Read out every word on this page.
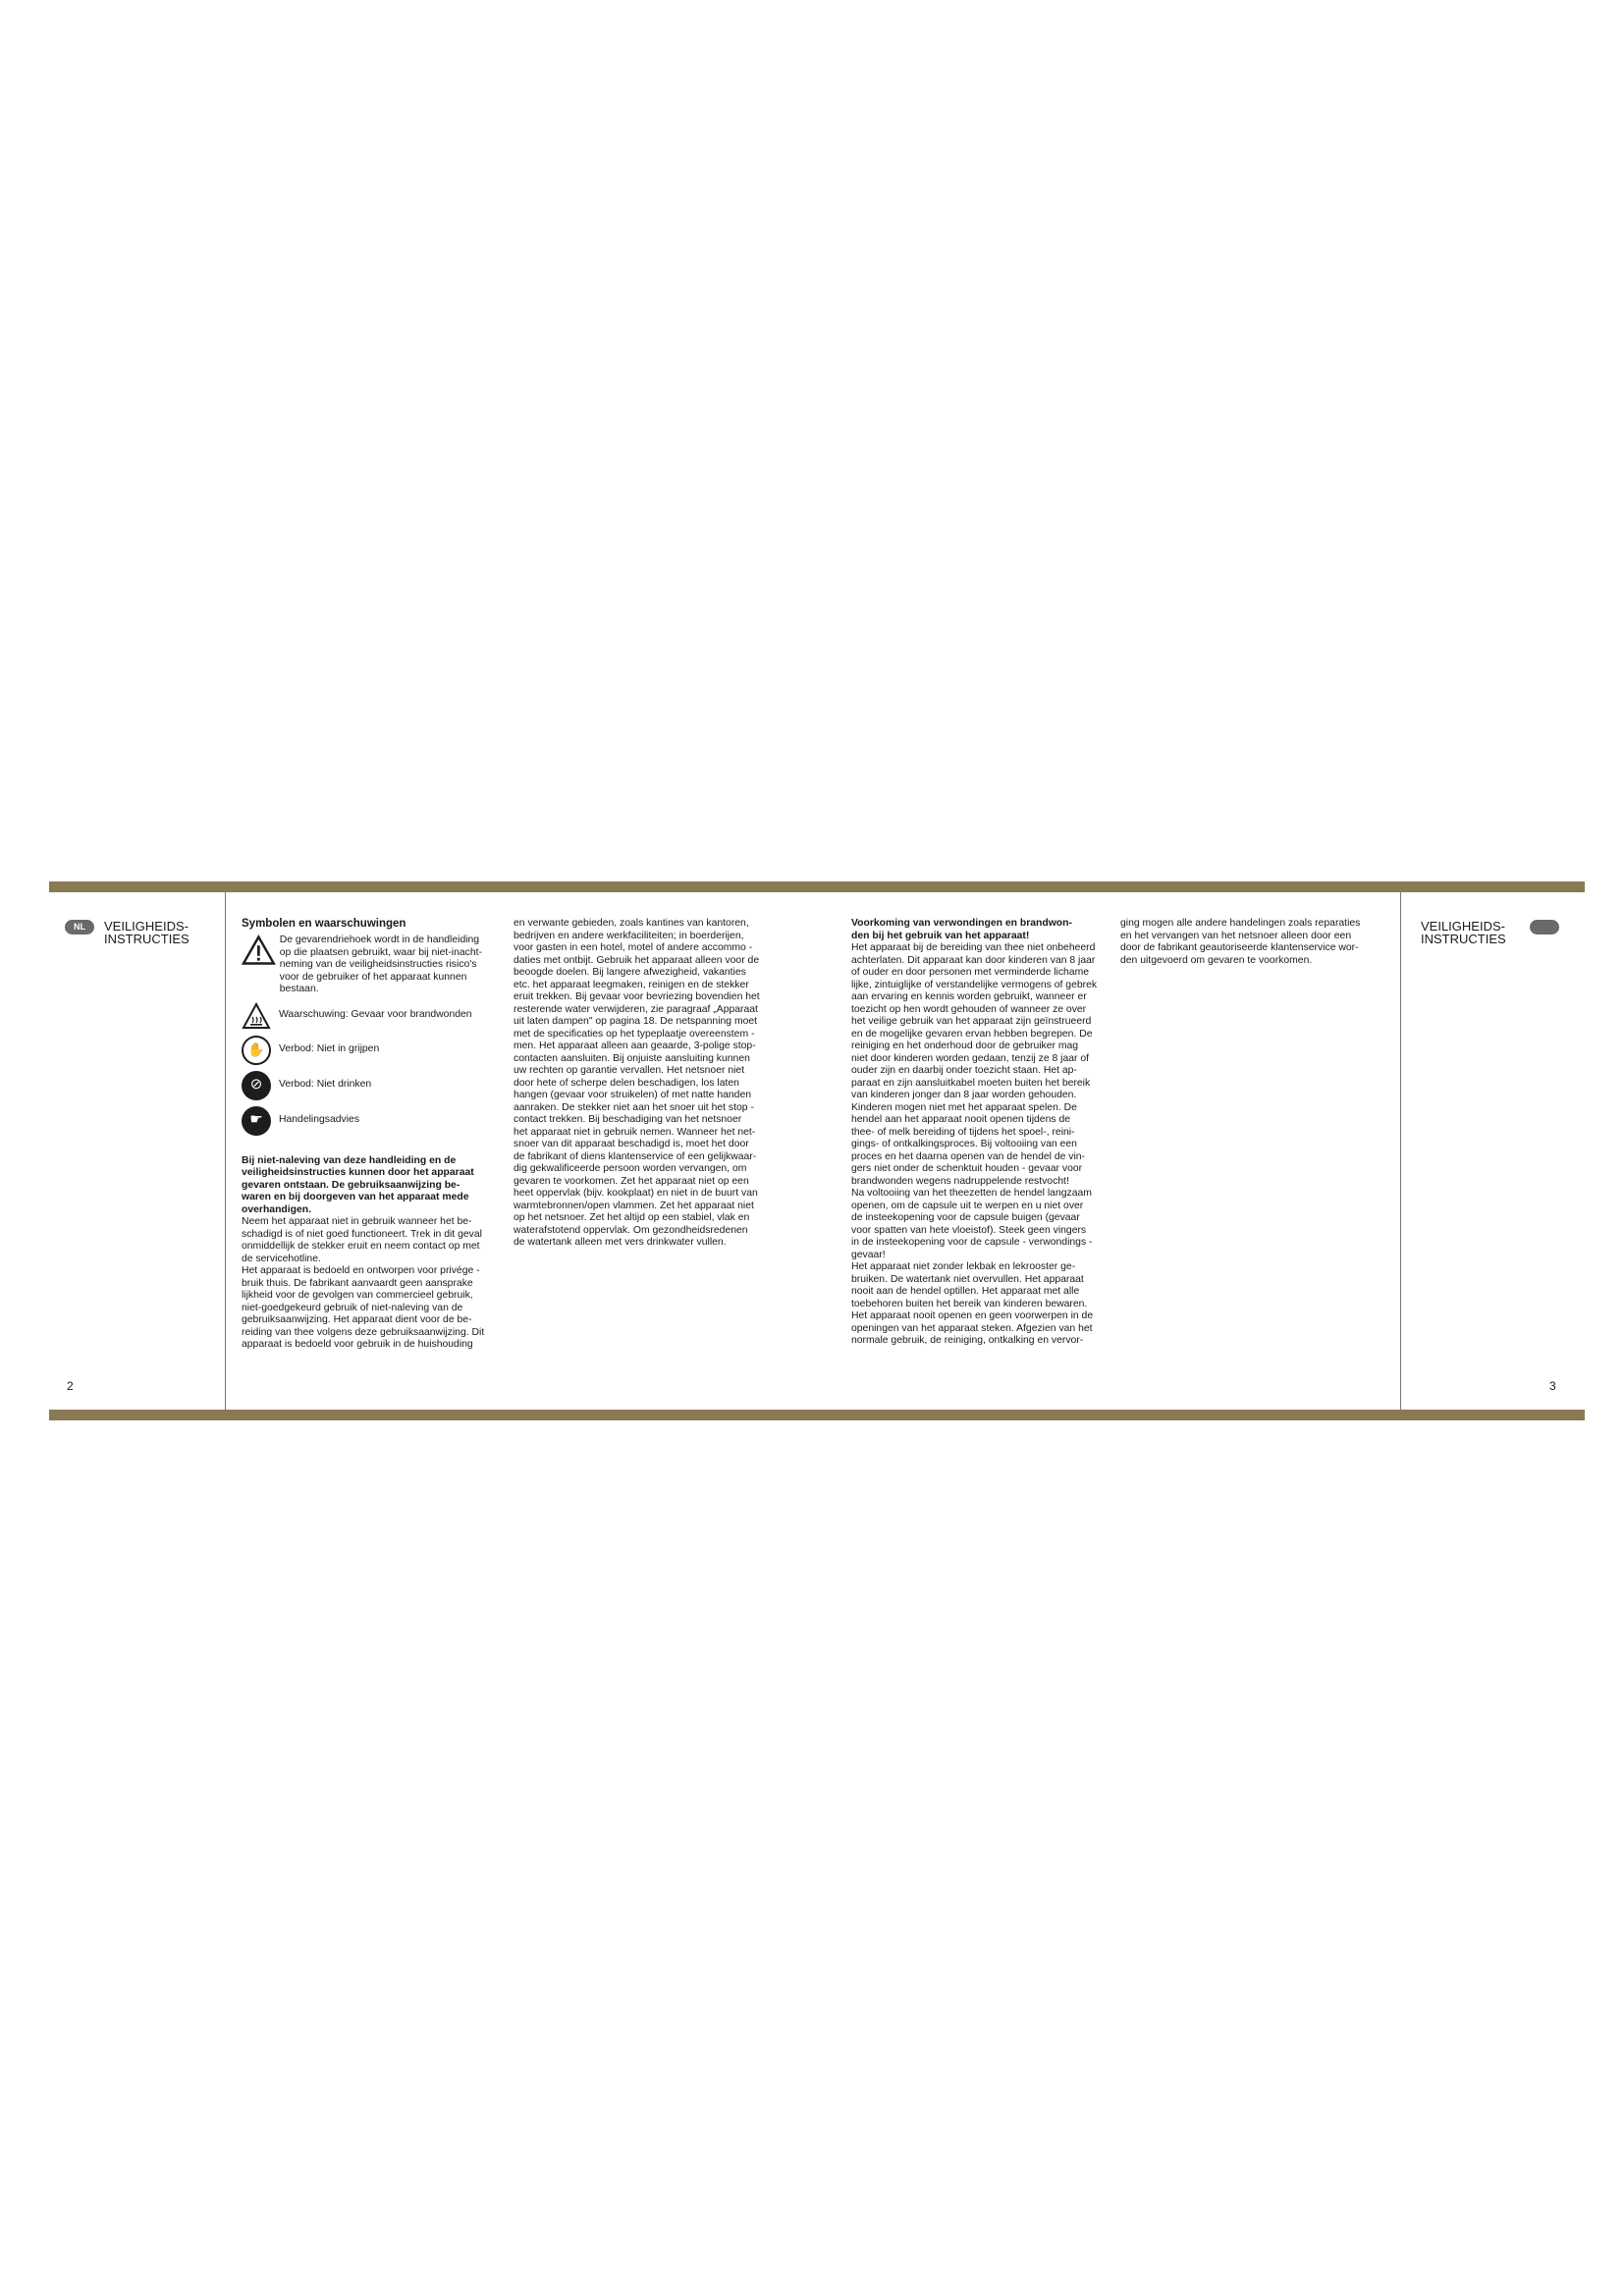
NL	VEILIGHEIDS-
INSTRUCTIES
VEILIGHEIDS-
INSTRUCTIES
2	3
Symbolen en waarschuwingen

De gevarendriehoek wordt in de handleiding
op die plaatsen gebruikt, waar bij niet-inacht-
neming van de veiligheidsinstructies risico's
voor de gebruiker of het apparaat kunnen bestaan.

Waarschuwing: Gevaar voor brandwonden
✋	Verbod: Niet in grijpen
⊘	Verbod: Niet drinken
☛	Handelingsadvies

Bij niet-naleving van deze handleiding en de
veiligheidsinstructies kunnen door het apparaat
gevaren ontstaan. De gebruiksaanwijzing be-
waren en bij doorgeven van het apparaat mede
overhandigen.

Neem het apparaat niet in gebruik wanneer het be-
schadigd is of niet goed functioneert. Trek in dit geval
onmiddellijk de stekker eruit en neem contact op met
de servicehotline.
Het apparaat is bedoeld en ontworpen voor privége -
bruik thuis. De fabrikant aanvaardt geen aansprake
lijkheid voor de gevolgen van commercieel gebruik,
niet-goedgekeurd gebruik of niet-naleving van de
gebruiksaanwijzing. Het apparaat dient voor de be-
reiding van thee volgens deze gebruiksaanwijzing. Dit
apparaat is bedoeld voor gebruik in de huishouding

en verwante gebieden, zoals kantines van kantoren,
bedrijven en andere werkfaciliteiten; in boerderijen,
voor gasten in een hotel, motel of andere accommo -
daties met ontbijt. Gebruik het apparaat alleen voor de
beoogde doelen. Bij langere afwezigheid, vakanties
etc. het apparaat leegmaken, reinigen en de stekker
eruit trekken. Bij gevaar voor bevriezing bovendien het
resterende water verwijderen, zie paragraaf „Apparaat
uit laten dampen" op pagina 18. De netspanning moet
met de specificaties op het typeplaatje overeenstem -
men. Het apparaat alleen aan geaarde, 3-polige stop-
contacten aansluiten. Bij onjuiste aansluiting kunnen
uw rechten op garantie vervallen. Het netsnoer niet
door hete of scherpe delen beschadigen, los laten
hangen (gevaar voor struikelen) of met natte handen
aanraken. De stekker niet aan het snoer uit het stop -
contact trekken. Bij beschadiging van het netsnoer
het apparaat niet in gebruik nemen. Wanneer het net-
snoer van dit apparaat beschadigd is, moet het door
de fabrikant of diens klantenservice of een gelijkwaar-
dig gekwalificeerde persoon worden vervangen, om
gevaren te voorkomen. Zet het apparaat niet op een
heet oppervlak (bijv. kookplaat) en niet in de buurt van
warmtebronnen/open vlammen. Zet het apparaat niet
op het netsnoer. Zet het altijd op een stabiel, vlak en
waterafstotend oppervlak. Om gezondheidsredenen
de watertank alleen met vers drinkwater vullen.

Voorkoming van verwondingen en brandwon-
den bij het gebruik van het apparaat!

Het apparaat bij de bereiding van thee niet onbeheerd
achterlaten. Dit apparaat kan door kinderen van 8 jaar
of ouder en door personen met verminderde lichame
lijke, zintuiglijke of verstandelijke vermogens of gebrek
aan ervaring en kennis worden gebruikt, wanneer er
toezicht op hen wordt gehouden of wanneer ze over
het veilige gebruik van het apparaat zijn geïnstrueerd
en de mogelijke gevaren ervan hebben begrepen. De
reiniging en het onderhoud door de gebruiker mag
niet door kinderen worden gedaan, tenzij ze 8 jaar of
ouder zijn en daarbij onder toezicht staan. Het ap-
paraat en zijn aansluitkabel moeten buiten het bereik
van kinderen jonger dan 8 jaar worden gehouden.
Kinderen mogen niet met het apparaat spelen. De
hendel aan het apparaat nooit openen tijdens de
thee- of melk bereiding of tijdens het spoel-, reini-
gings- of ontkalkingsproces. Bij voltooiing van een
proces en het daarna openen van de hendel de vin-
gers niet onder de schenktuit houden - gevaar voor
brandwonden wegens nadruppelende restvocht!
Na voltooiing van het theezetten de hendel langzaam
openen, om de capsule uit te werpen en u niet over
de insteekopening voor de capsule buigen (gevaar
voor spatten van hete vloeistof). Steek geen vingers
in de insteekopening voor de capsule - verwondings -
gevaar!
Het apparaat niet zonder lekbak en lekrooster ge-
bruiken. De watertank niet overvullen. Het apparaat
nooit aan de hendel optillen. Het apparaat met alle
toebehoren buiten het bereik van kinderen bewaren.
Het apparaat nooit openen en geen voorwerpen in de
openingen van het apparaat steken. Afgezien van het
normale gebruik, de reiniging, ontkalking en vervor-

ging mogen alle andere handelingen zoals reparaties
en het vervangen van het netsnoer alleen door een
door de fabrikant geautoriseerde klantenservice wor-
den uitgevoerd om gevaren te voorkomen.
